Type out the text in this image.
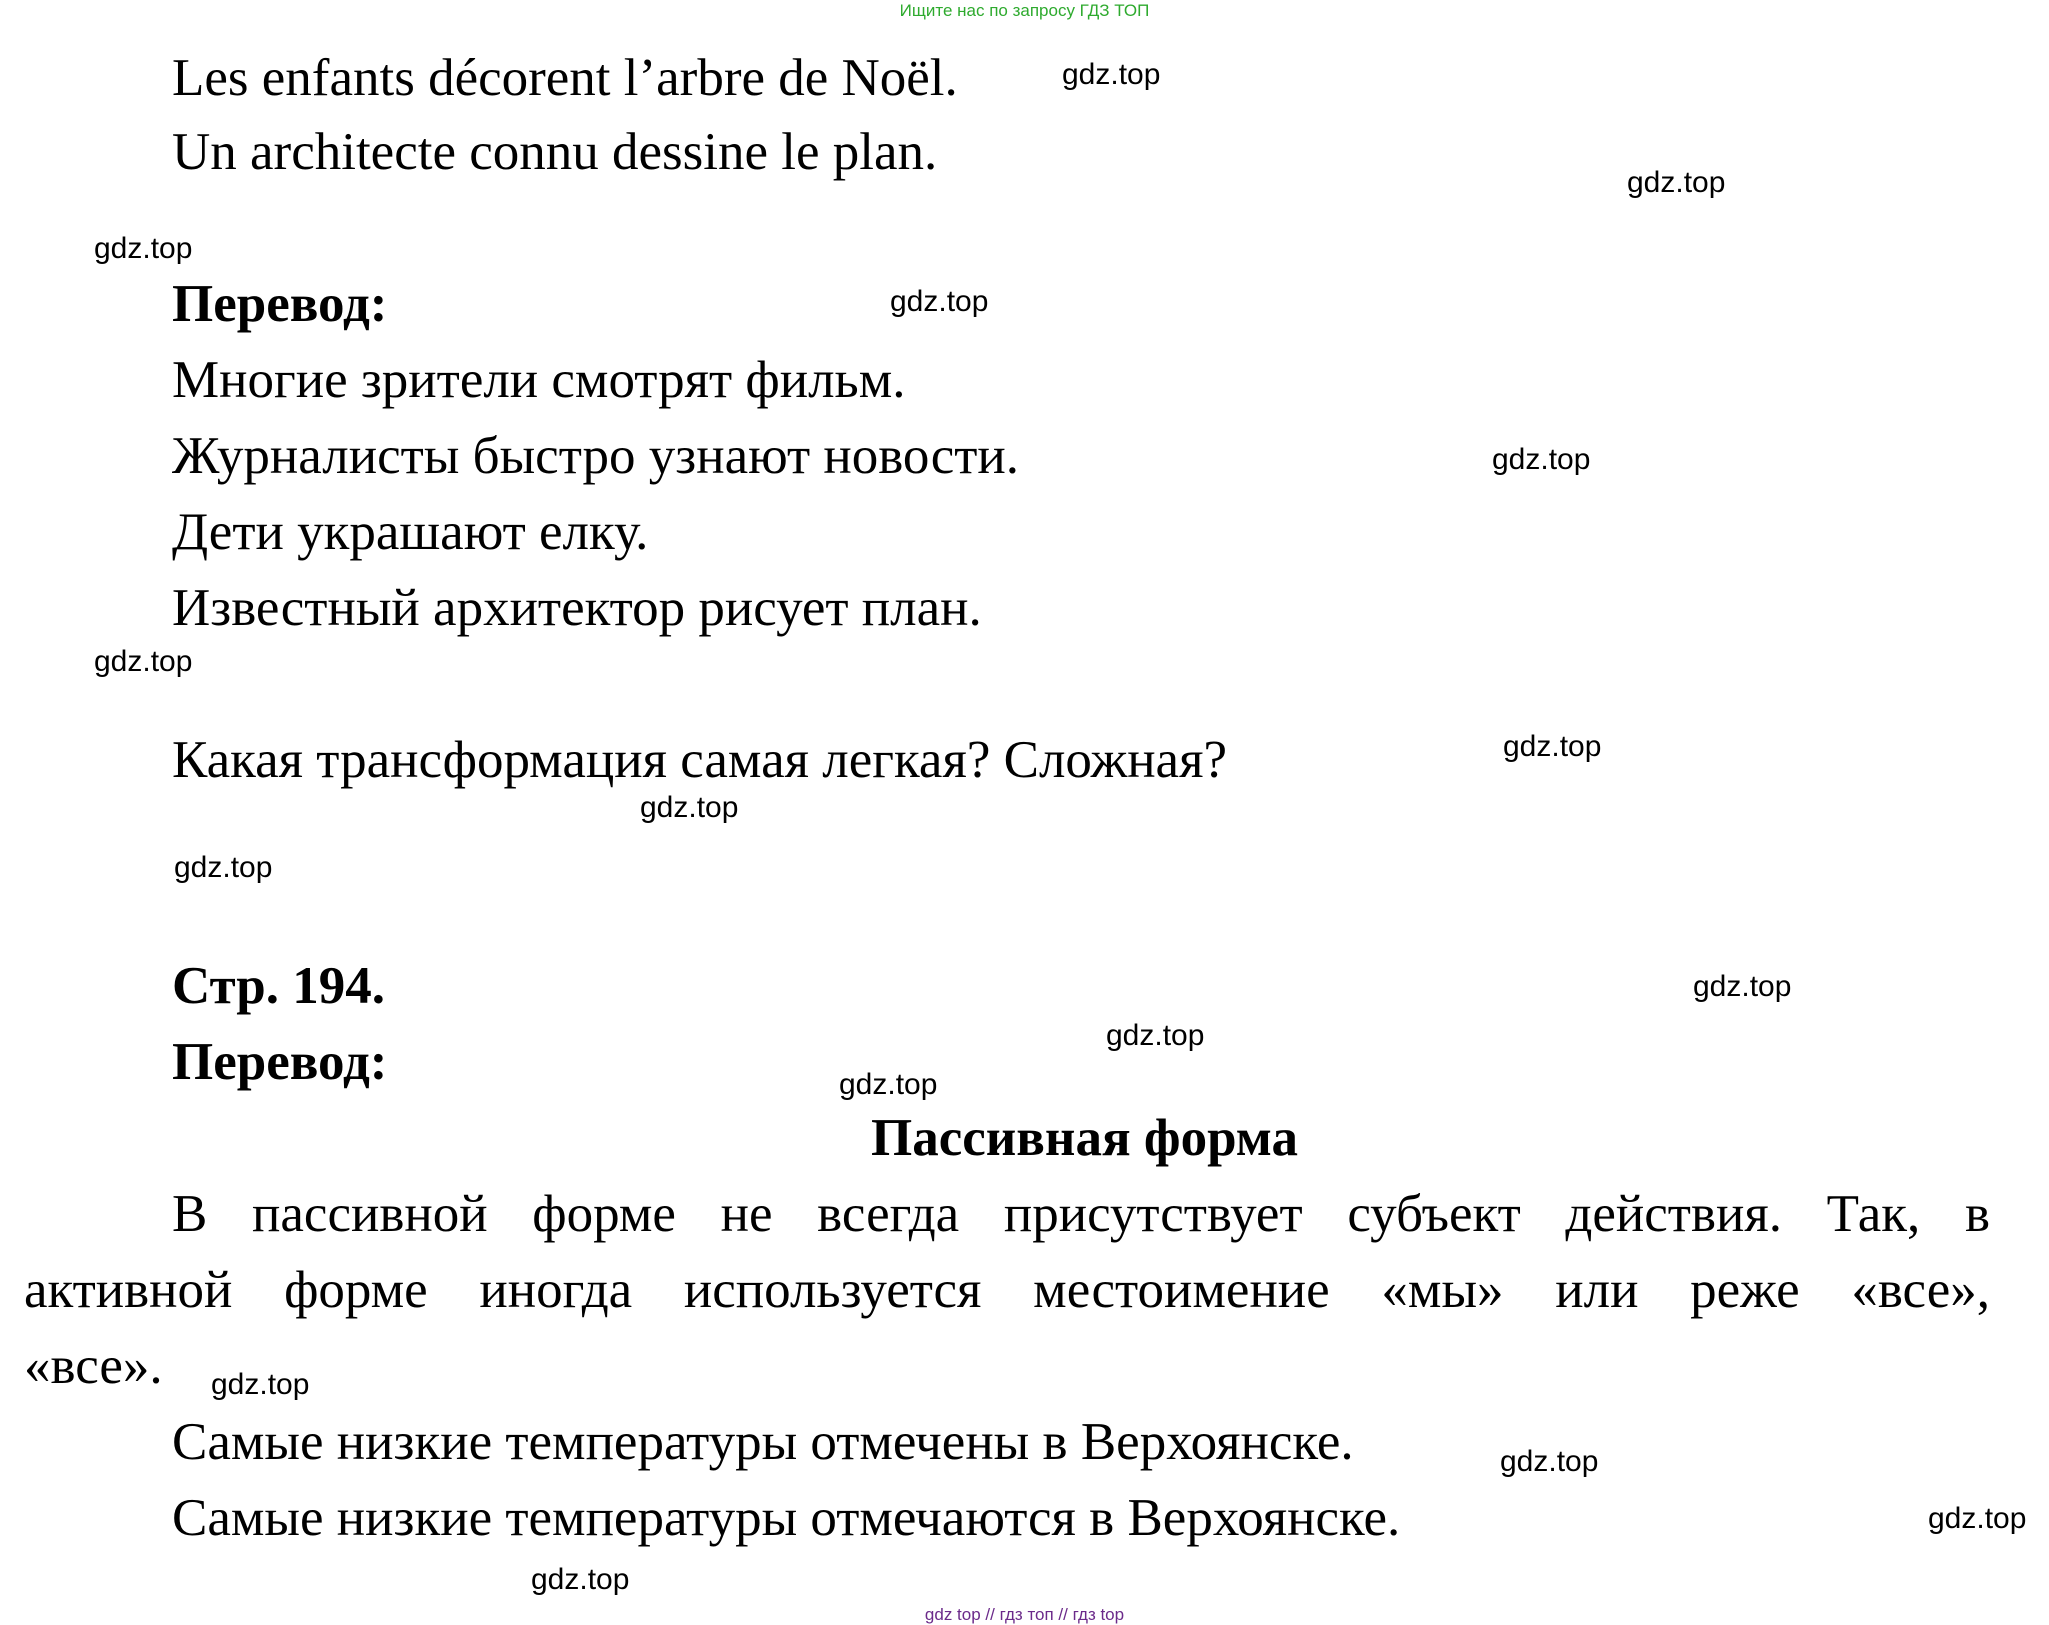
Ищите нас по запросу ГДЗ ТОП
Les enfants décorent l’arbre de Noël.
Un architecte connu dessine le plan.
Перевод:
Многие зрители смотрят фильм.
Журналисты быстро узнают новости.
Дети украшают елку.
Известный архитектор рисует план.
Какая трансформация самая легкая? Сложная?
Стр. 194.
Перевод:
Пассивная форма
В пассивной форме не всегда присутствует субъект действия. Так, в
активной форме иногда используется местоимение «мы» или реже «все»,
«все».
Самые низкие температуры отмечены в Верхоянске.
Самые низкие температуры отмечаются в Верхоянске.
gdz.top
gdz.top
gdz.top
gdz.top
gdz.top
gdz.top
gdz.top
gdz.top
gdz.top
gdz.top
gdz.top
gdz.top
gdz.top
gdz.top
gdz.top
gdz.top
gdz top // гдз топ // гдз top
